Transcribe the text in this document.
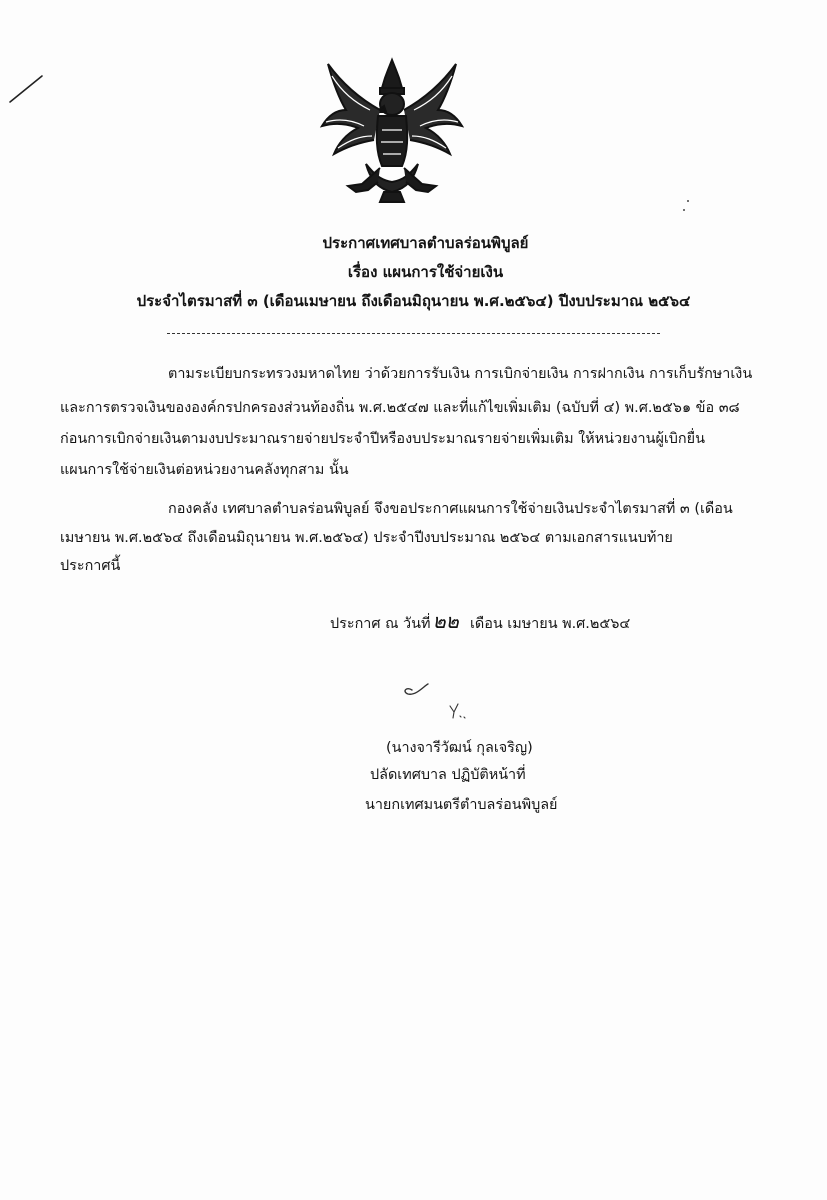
ประกาศเทศบาลตำบลร่อนพิบูลย์
เรื่อง แผนการใช้จ่ายเงิน
ประจำไตรมาสที่ ๓ (เดือนเมษายน ถึงเดือนมิถุนายน พ.ศ.๒๕๖๔) ปีงบประมาณ ๒๕๖๔
ตามระเบียบกระทรวงมหาดไทย ว่าด้วยการรับเงิน การเบิกจ่ายเงิน การฝากเงิน การเก็บรักษาเงิน
และการตรวจเงินขององค์กรปกครองส่วนท้องถิ่น พ.ศ.๒๕๔๗ และที่แก้ไขเพิ่มเติม (ฉบับที่ ๔) พ.ศ.๒๕๖๑ ข้อ ๓๘
ก่อนการเบิกจ่ายเงินตามงบประมาณรายจ่ายประจำปีหรืองบประมาณรายจ่ายเพิ่มเติม ให้หน่วยงานผู้เบิกยื่น
แผนการใช้จ่ายเงินต่อหน่วยงานคลังทุกสาม นั้น
กองคลัง เทศบาลตำบลร่อนพิบูลย์ จึงขอประกาศแผนการใช้จ่ายเงินประจำไตรมาสที่ ๓ (เดือน
เมษายน พ.ศ.๒๕๖๔ ถึงเดือนมิถุนายน พ.ศ.๒๕๖๔) ประจำปีงบประมาณ ๒๕๖๔ ตามเอกสารแนบท้าย
ประกาศนี้
ประกาศ ณ วันที่ ๒๒ เดือน เมษายน พ.ศ.๒๕๖๔
(นางจารีวัฒน์ กุลเจริญ)
ปลัดเทศบาล ปฏิบัติหน้าที่
นายกเทศมนตรีตำบลร่อนพิบูลย์
